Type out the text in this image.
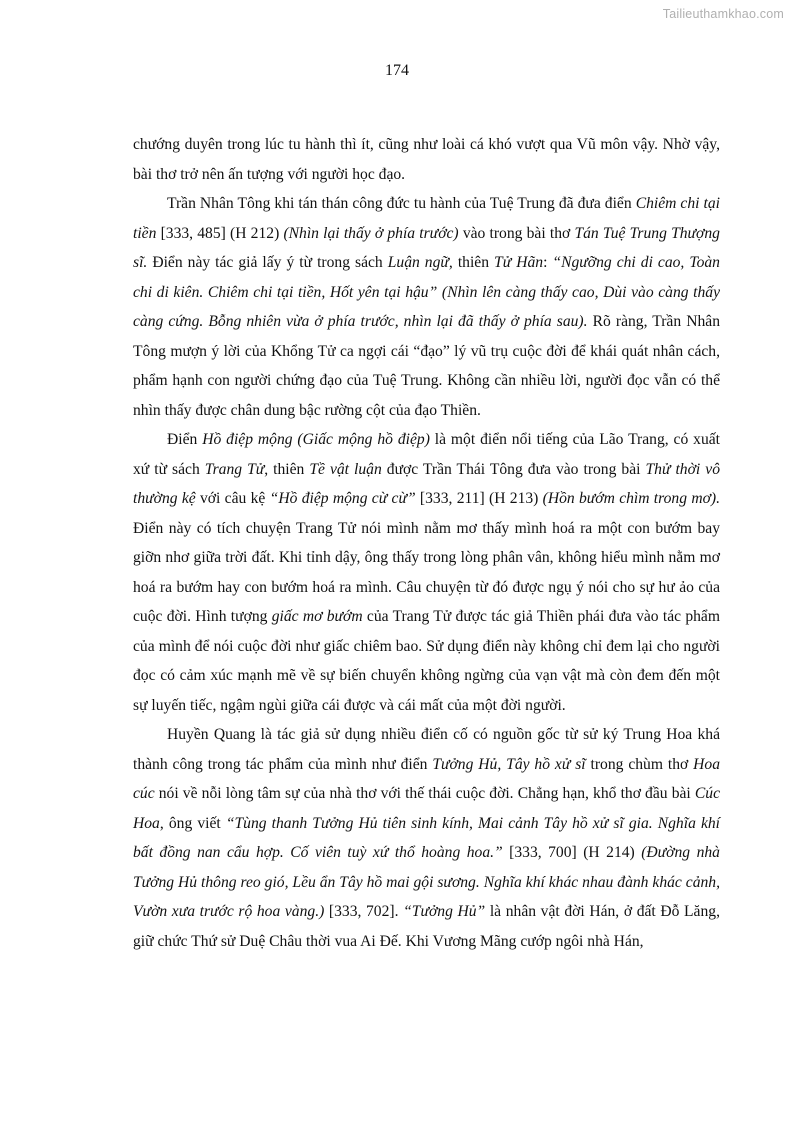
Tailieuthamkhao.com
174

chướng duyên trong lúc tu hành thì ít, cũng như loài cá khó vượt qua Vũ môn vậy. Nhờ vậy, bài thơ trở nên ấn tượng với người học đạo.

Trần Nhân Tông khi tán thán công đức tu hành của Tuệ Trung đã đưa điển Chiêm chi tại tiền [333, 485] (H 212) (Nhìn lại thấy ở phía trước) vào trong bài thơ Tán Tuệ Trung Thượng sĩ. Điển này tác giả lấy ý từ trong sách Luận ngữ, thiên Tử Hãn: “Ngưỡng chi di cao, Toàn chi di kiên. Chiêm chi tại tiền, Hốt yên tại hậu” (Nhìn lên càng thấy cao, Dùi vào càng thấy càng cứng. Bỗng nhiên vừa ở phía trước, nhìn lại đã thấy ở phía sau). Rõ ràng, Trần Nhân Tông mượn ý lời của Khổng Tử ca ngợi cái “đạo” lý vũ trụ cuộc đời để khái quát nhân cách, phẩm hạnh con người chứng đạo của Tuệ Trung. Không cần nhiều lời, người đọc vẫn có thể nhìn thấy được chân dung bậc rường cột của đạo Thiền.

Điển Hồ điệp mộng (Giấc mộng hồ điệp) là một điển nổi tiếng của Lão Trang, có xuất xứ từ sách Trang Tử, thiên Tề vật luận được Trần Thái Tông đưa vào trong bài Thử thời vô thường kệ với câu kệ “Hồ điệp mộng cừ cừ” [333, 211] (H 213) (Hồn bướm chìm trong mơ). Điển này có tích chuyện Trang Tử nói mình nằm mơ thấy mình hoá ra một con bướm bay giỡn nhơ giữa trời đất. Khi tỉnh dậy, ông thấy trong lòng phân vân, không hiểu mình nằm mơ hoá ra bướm hay con bướm hoá ra mình. Câu chuyện từ đó được ngụ ý nói cho sự hư ảo của cuộc đời. Hình tượng giấc mơ bướm của Trang Tử được tác giả Thiền phái đưa vào tác phẩm của mình để nói cuộc đời như giấc chiêm bao. Sử dụng điển này không chỉ đem lại cho người đọc có cảm xúc mạnh mẽ về sự biến chuyển không ngừng của vạn vật mà còn đem đến một sự luyến tiếc, ngậm ngùi giữa cái được và cái mất của một đời người.

Huyền Quang là tác giả sử dụng nhiều điển cố có nguồn gốc từ sử ký Trung Hoa khá thành công trong tác phẩm của mình như điển Tưởng Hủ, Tây hồ xử sĩ trong chùm thơ Hoa cúc nói về nỗi lòng tâm sự của nhà thơ với thế thái cuộc đời. Chẳng hạn, khổ thơ đầu bài Cúc Hoa, ông viết “Tùng thanh Tưởng Hủ tiên sinh kính, Mai cảnh Tây hồ xử sĩ gia. Nghĩa khí bất đồng nan cẩu hợp. Cố viên tuỳ xứ thổ hoàng hoa.” [333, 700] (H 214) (Đường nhà Tưởng Hủ thông reo gió, Lều ẩn Tây hồ mai gội sương. Nghĩa khí khác nhau đành khác cảnh, Vườn xưa trước rộ hoa vàng.) [333, 702]. “Tưởng Hủ” là nhân vật đời Hán, ở đất Đỗ Lăng, giữ chức Thứ sử Duệ Châu thời vua Ai Đế. Khi Vương Mãng cướp ngôi nhà Hán,
